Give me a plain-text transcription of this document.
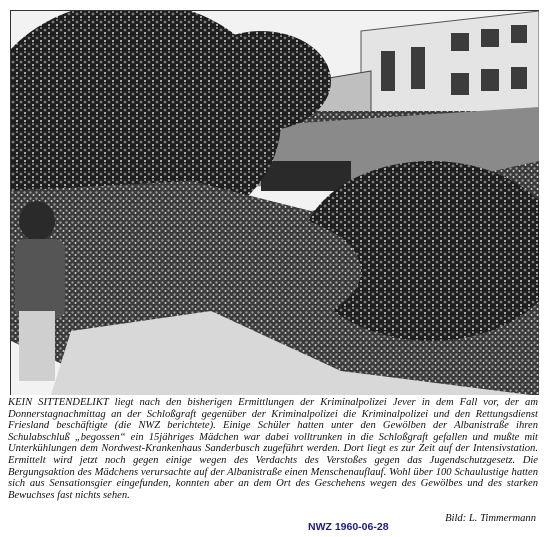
KEIN SITTENDELIKT liegt nach den bisherigen Ermittlungen der Kriminalpolizei Jever in dem Fall vor, der am Donnerstagnachmittag an der Schloßgraft gegenüber der Kriminalpolizei die Kriminalpolizei und den Rettungsdienst Friesland beschäftigte (die NWZ berichtete). Einige Schüler hatten unter den Gewölben der Albanistraße ihren Schulabschluß „begossen“ ein 15jähriges Mädchen war dabei volltrunken in die Schloßgraft gefallen und mußte mit Unterkühlungen dem Nordwest-Krankenhaus Sanderbusch zugeführt werden. Dort liegt es zur Zeit auf der Intensivstation. Ermittelt wird jetzt noch gegen einige wegen des Verdachts des Verstoßes gegen das Jugendschutzgesetz. Die Bergungsaktion des Mädchens verursachte auf der Albanistraße einen Menschenauflauf. Wohl über 100 Schaulustige hatten sich aus Sensationsgier eingefunden, konnten aber an dem Ort des Geschehens wegen des Gewölbes und des starken Bewuchses fast nichts sehen.
Bild: L. Timmermann
NWZ 1960-06-28
